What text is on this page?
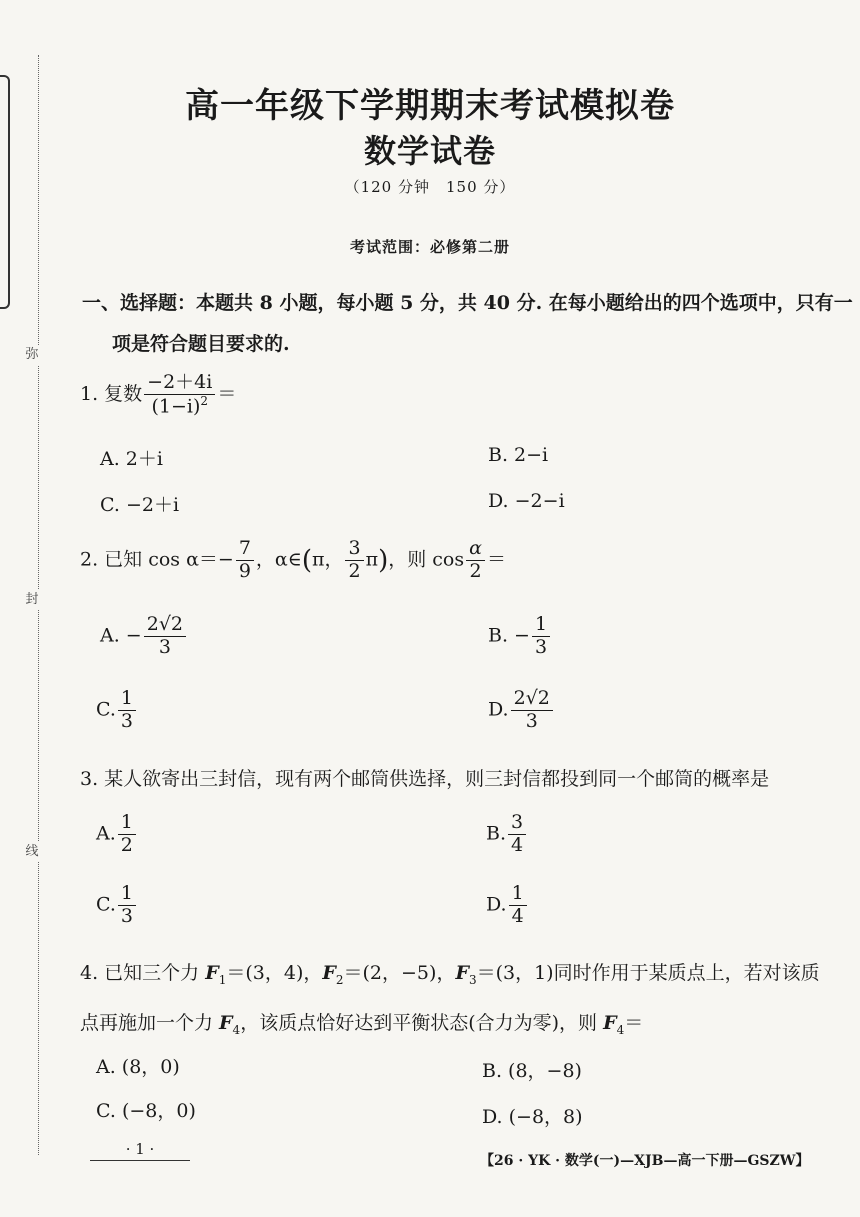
弥
封
线
高一年级下学期期末考试模拟卷
数学试卷
（120 分钟　150 分）
考试范围：必修第二册
一、选择题：本题共 8 小题，每小题 5 分，共 40 分. 在每小题给出的四个选项中，只有一
项是符合题目要求的.
1. 复数 $\frac{-2+4i}{(1-i)^2}$ ＝
A. 2＋i	B. 2−i
C. −2＋i	D. −2−i
2. 已知 $\cos \alpha=- \frac{7}{9}$ ，α∈(π， $\frac{3}{2} \pi$)，则 $\cos \frac{\alpha}{2}$ ＝
A. − $\frac{2√2}{3}$	B. − $\frac{1}{3}$
C. $\frac{1}{3}$	D. $\frac{2√2}{3}$
3. 某人欲寄出三封信，现有两个邮筒供选择，则三封信都投到同一个邮筒的概率是
A. $\frac{1}{2}$	B. $\frac{3}{4}$
C. $\frac{1}{3}$	D. $\frac{1}{4}$
4. 已知三个力 $F_1=(3$，4)，$F_2=(2$，−5)，$F_3=(3$，1)同时作用于某质点上，若对该质
点再施加一个力 $F_4$，该质点恰好达到平衡状态(合力为零)，则 $F_4=$
A. (8，0)	B. (8，−8)
C. (−8，0)	D. (−8，8)
· 1 ·
【26 · YK · 数学(一)—XJB—高一下册—GSZW】
